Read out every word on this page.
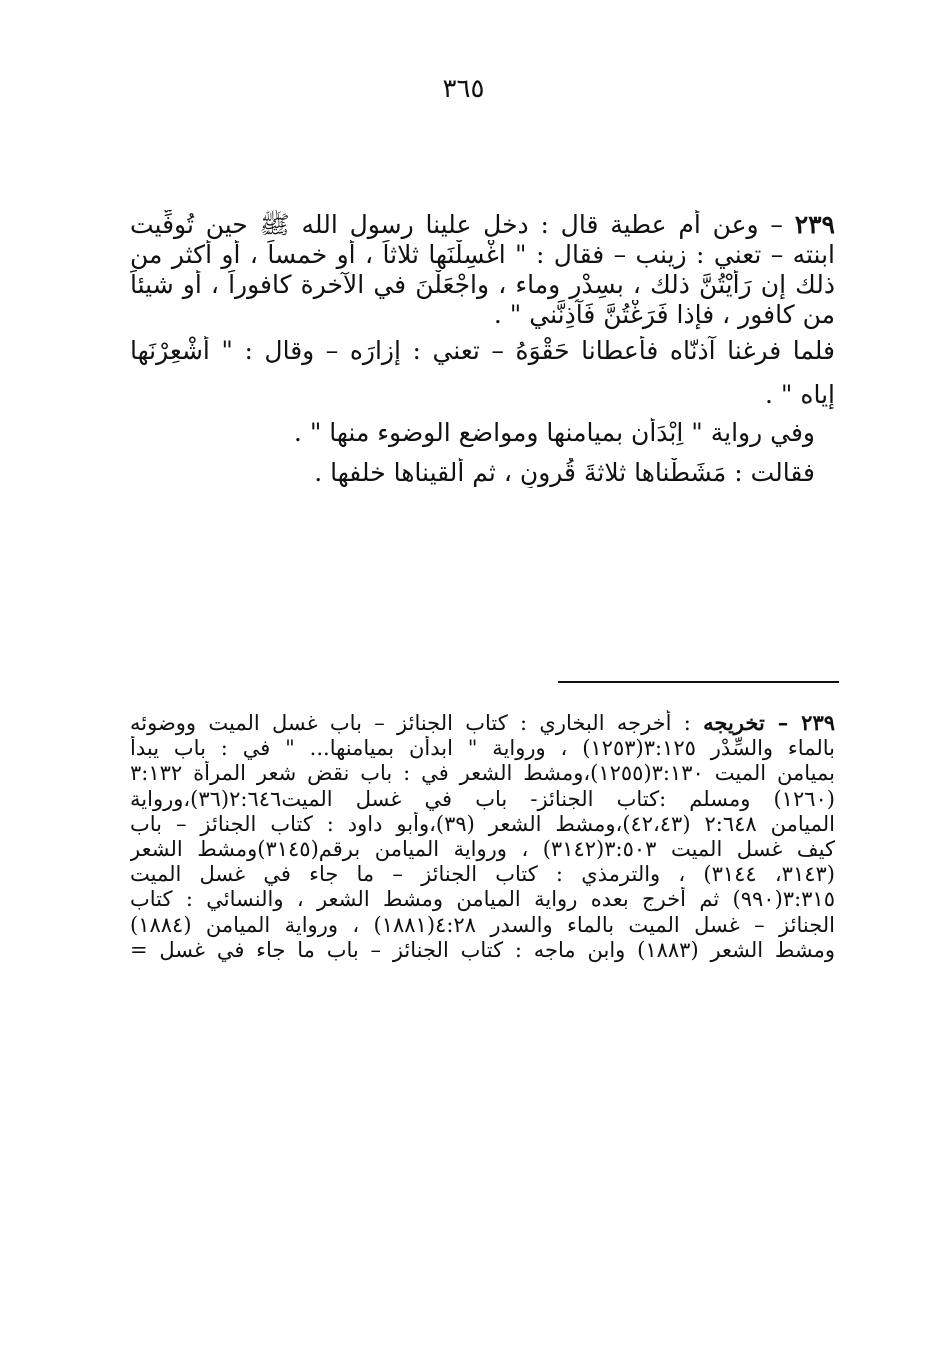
٣٦٥
٢٣٩ – وعن أم عطية قال : دخل علينا رسول الله ﷺ حين تُوفِّيت
ابنته – تعني : زينب – فقال : " اغْسِلْنَها ثلاثاً ، أو خمساً ، أو أكثر من
ذلك إن رَأيْتُنَّ ذلك ، بسِدْرٍ وماء ، واجْعَلْنَ في الآخرة كافوراً ، أو شيئاً
من كافور ، فإذا فَرَغْتُنَّ فَآذِنَّني " .
فلما فرغنا آذنّاه فأعطانا حَقْوَهُ – تعني : إزارَه – وقال : " أشْعِرْنَها
إياه " .
وفي رواية " اِبْدَأْن بميامنها ومواضع الوضوء منها " .
فقالت : مَشَطْناها ثلاثةَ قُرونٍ ، ثم ألقيناها خلفها .
٢٣٩ – تخريجه : أخرجه البخاري : كتاب الجنائز – باب غسل الميت ووضوئه
بالماء والسِّدْر ٣:١٢٥(١٢٥٣) ، ورواية " ابدأن بميامنها... " في : باب يبدأ
بميامن الميت ٣:١٣٠(١٢٥٥)،ومشط الشعر في : باب نقض شعر المرأة ٣:١٣٢
(١٢٦٠) ومسلم :كتاب الجنائز- باب في غسل الميت٢:٦٤٦(٣٦)،ورواية
الميامن ٢:٦٤٨ (٤٢،٤٣)،ومشط الشعر (٣٩)،وأبو داود : كتاب الجنائز – باب
كيف غسل الميت ٣:٥٠٣(٣١٤٢) ، ورواية الميامن برقم(٣١٤٥)ومشط الشعر
(٣١٤٣، ٣١٤٤) ، والترمذي : كتاب الجنائز – ما جاء في غسل الميت
٣:٣١٥(٩٩٠) ثم أخرج بعده رواية الميامن ومشط الشعر ، والنسائي : كتاب
الجنائز – غسل الميت بالماء والسدر ٤:٢٨(١٨٨١) ، ورواية الميامن (١٨٨٤)
ومشط الشعر (١٨٨٣) وابن ماجه : كتاب الجنائز – باب ما جاء في غسل =
